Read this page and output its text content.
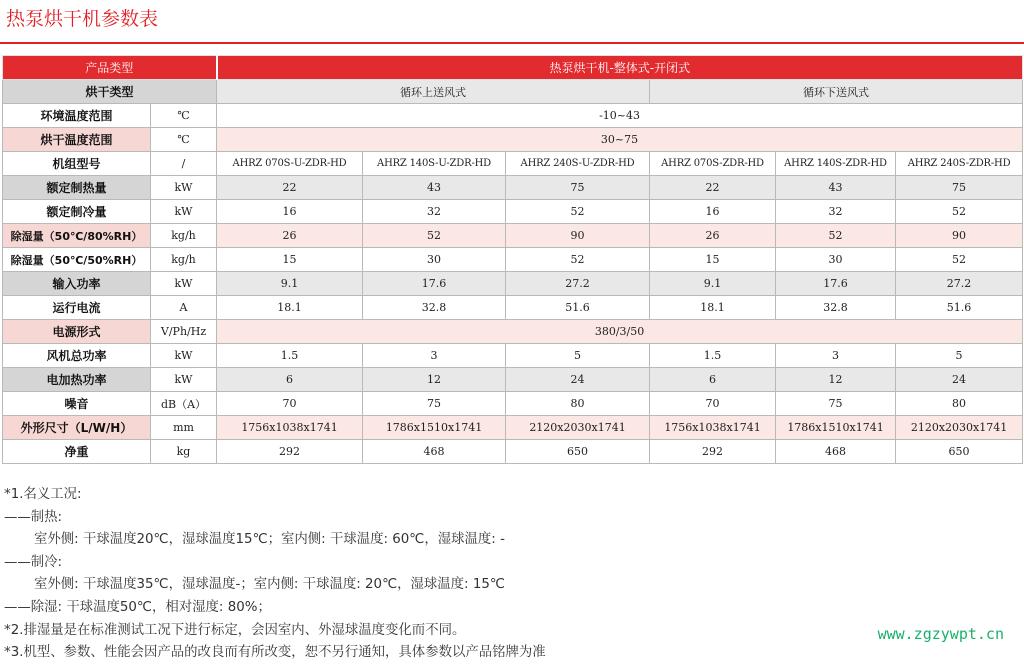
热泵烘干机参数表
产品类型		热泵烘干机-整体式-开闭式					
烘干类型		循环上送风式			循环下送风式		
环境温度范围	℃	-10~43					
烘干温度范围	℃	30~75					
机组型号	/	AHRZ 070S-U-ZDR-HD	AHRZ 140S-U-ZDR-HD	AHRZ 240S-U-ZDR-HD	AHRZ 070S-ZDR-HD	AHRZ 140S-ZDR-HD	AHRZ 240S-ZDR-HD
额定制热量	kW	22	43	75	22	43	75
额定制冷量	kW	16	32	52	16	32	52
除湿量（50℃/80%RH）	kg/h	26	52	90	26	52	90
除湿量（50℃/50%RH）	kg/h	15	30	52	15	30	52
输入功率	kW	9.1	17.6	27.2	9.1	17.6	27.2
运行电流	A	18.1	32.8	51.6	18.1	32.8	51.6
电源形式	V/Ph/Hz	380/3/50					
风机总功率	kW	1.5	3	5	1.5	3	5
电加热功率	kW	6	12	24	6	12	24
噪音	dB（A）	70	75	80	70	75	80
外形尺寸（L/W/H）	mm	1756x1038x1741	1786x1510x1741	2120x2030x1741	1756x1038x1741	1786x1510x1741	2120x2030x1741
净重	kg	292	468	650	292	468	650
*1.名义工况:
——制热:
室外侧: 干球温度20℃，湿球温度15℃；室内侧: 干球温度: 60℃，湿球温度: -
——制冷:
室外侧: 干球温度35℃，湿球温度-；室内侧: 干球温度: 20℃，湿球温度: 15℃
——除湿: 干球温度50℃，相对湿度: 80%；
*2.排湿量是在标准测试工况下进行标定，会因室内、外湿球温度变化而不同。
*3.机型、参数、性能会因产品的改良而有所改变，恕不另行通知，具体参数以产品铭牌为准
www.zgzywpt.cn
